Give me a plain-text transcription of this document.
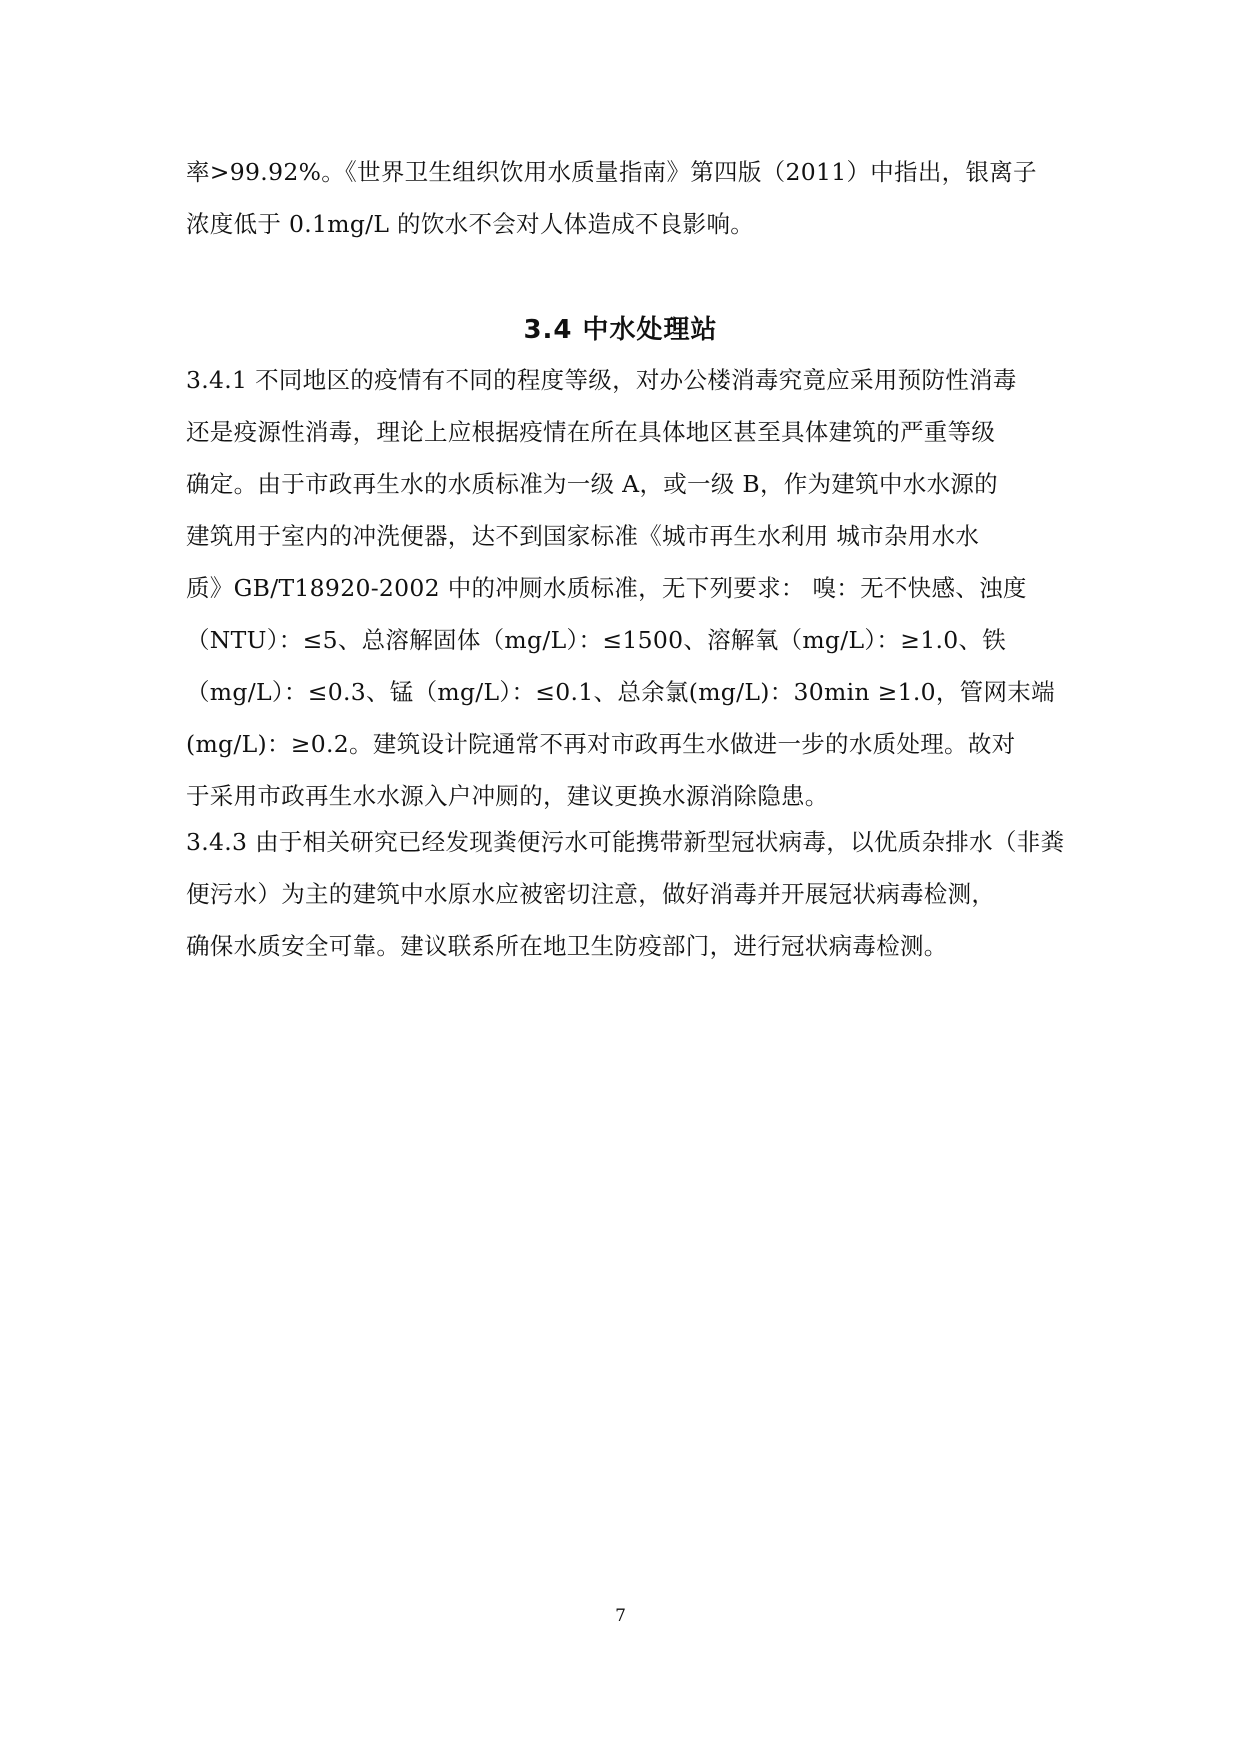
率>99.92%。《世界卫生组织饮用水质量指南》第四版（2011）中指出，银离子

浓度低于 0.1mg/L 的饮水不会对人体造成不良影响。

3.4 中水处理站

3.4.1 不同地区的疫情有不同的程度等级，对办公楼消毒究竟应采用预防性消毒

还是疫源性消毒，理论上应根据疫情在所在具体地区甚至具体建筑的严重等级

确定。由于市政再生水的水质标准为一级 A，或一级 B，作为建筑中水水源的

建筑用于室内的冲洗便器，达不到国家标准《城市再生水利用 城市杂用水水

质》GB/T18920-2002 中的冲厕水质标准，无下列要求： 嗅：无不快感、浊度

（NTU）：≤5、总溶解固体（mg/L）：≤1500、溶解氧（mg/L）：≥1.0、铁

（mg/L）：≤0.3、锰（mg/L）：≤0.1、总余氯(mg/L)：30min ≥1.0，管网末端

(mg/L)：≥0.2。建筑设计院通常不再对市政再生水做进一步的水质处理。故对

于采用市政再生水水源入户冲厕的，建议更换水源消除隐患。

3.4.3 由于相关研究已经发现粪便污水可能携带新型冠状病毒，以优质杂排水（非粪

便污水）为主的建筑中水原水应被密切注意，做好消毒并开展冠状病毒检测，

确保水质安全可靠。建议联系所在地卫生防疫部门，进行冠状病毒检测。

7
